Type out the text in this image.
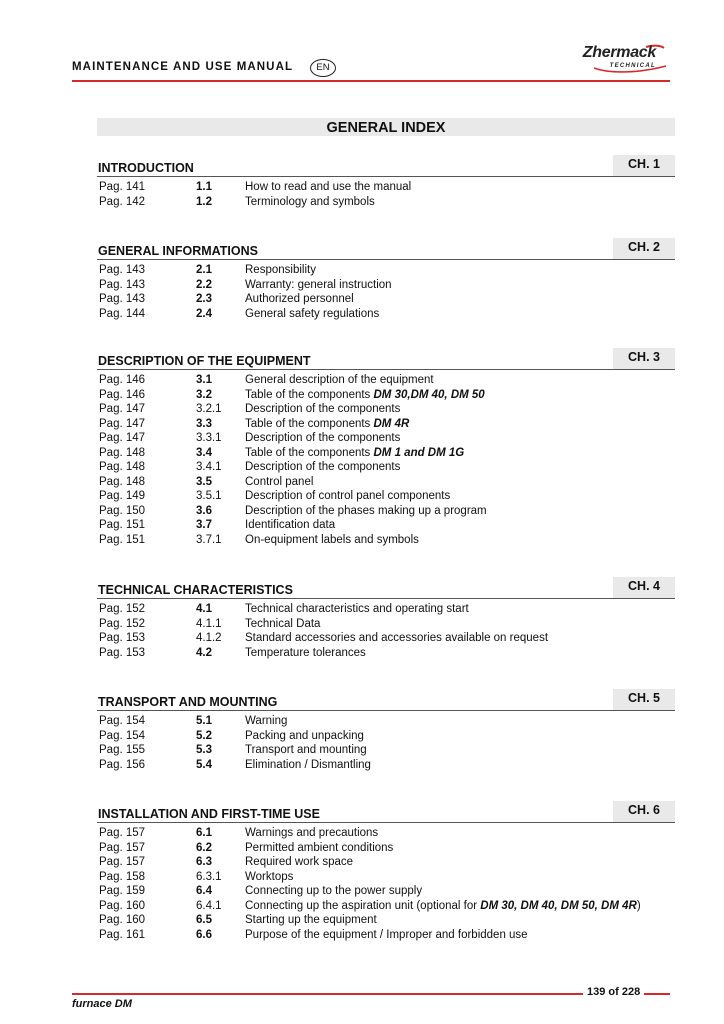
MAINTENANCE AND USE MANUAL	EN
Zhermack
TECHNICAL
GENERAL INDEX
INTRODUCTION	CH. 1
Pag. 141	1.1	How to read and use the manual
Pag. 142	1.2	Terminology and symbols
GENERAL INFORMATIONS	CH. 2
Pag. 143	2.1	Responsibility
Pag. 143	2.2	Warranty: general instruction
Pag. 143	2.3	Authorized personnel
Pag. 144	2.4	General safety regulations
DESCRIPTION OF THE EQUIPMENT	CH. 3
Pag. 146	3.1	General description of the equipment
Pag. 146	3.2	Table of the components DM 30,DM 40, DM 50
Pag. 147	3.2.1 Description of the components
Pag. 147	3.3	Table of the components DM 4R
Pag. 147	3.3.1 Description of the components
Pag. 148	3.4	Table of the components DM 1 and DM 1G
Pag. 148	3.4.1 Description of the components
Pag. 148	3.5	Control panel
Pag. 149	3.5.1 Description of control panel components
Pag. 150	3.6	Description of the phases making up a program
Pag. 151	3.7	Identification data
Pag. 151	3.7.1 On-equipment labels and symbols
TECHNICAL CHARACTERISTICS	CH. 4
Pag. 152	4.1	Technical characteristics and operating start
Pag. 152	4.1.1 Technical Data
Pag. 153	4.1.2 Standard accessories and accessories available on request
Pag. 153	4.2	Temperature tolerances
TRANSPORT AND MOUNTING	CH. 5
Pag. 154	5.1	Warning
Pag. 154	5.2	Packing and unpacking
Pag. 155	5.3	Transport and mounting
Pag. 156	5.4	Elimination / Dismantling
INSTALLATION AND FIRST-TIME USE	CH. 6
Pag. 157	6.1	Warnings and precautions
Pag. 157	6.2	Permitted ambient conditions
Pag. 157	6.3	Required work space
Pag. 158	6.3.1 Worktops
Pag. 159	6.4	Connecting up to the power supply
Pag. 160	6.4.1 Connecting up the aspiration unit (optional for DM 30, DM 40, DM 50, DM 4R)
Pag. 160	6.5	Starting up the equipment
Pag. 161	6.6	Purpose of the equipment / Improper and forbidden use
furnace DM
139 of 228
